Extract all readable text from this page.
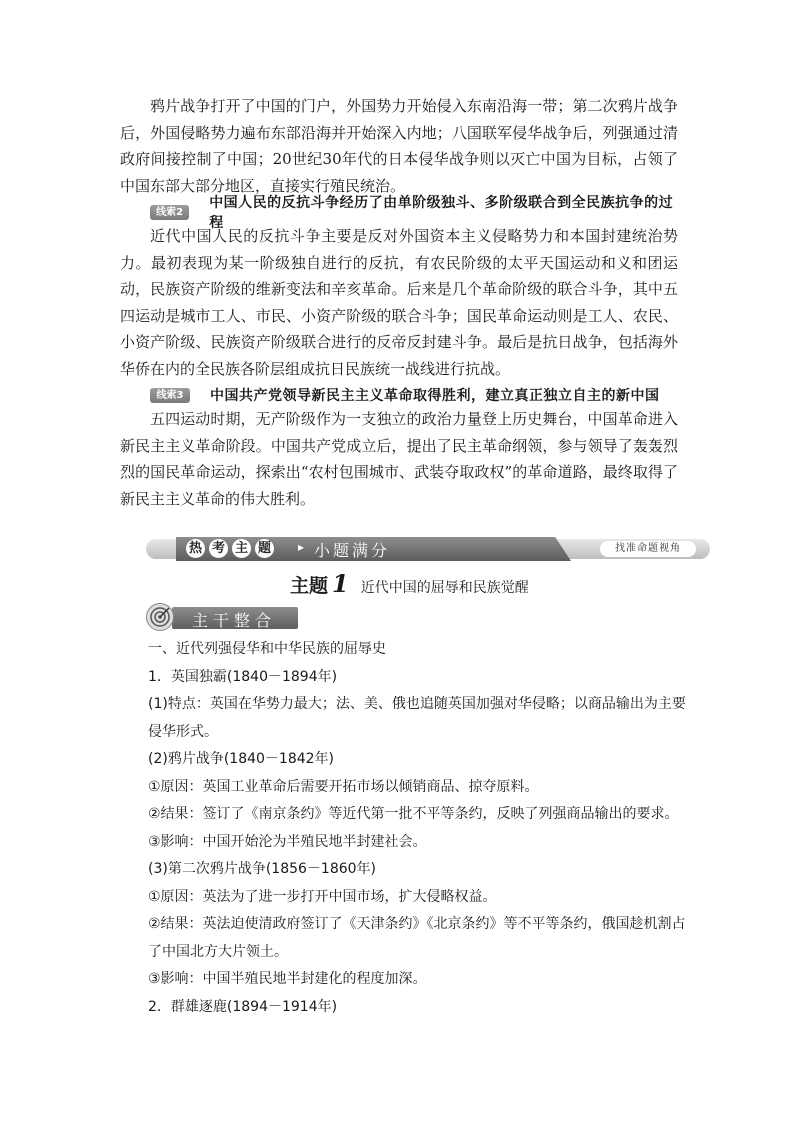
鸦片战争打开了中国的门户，外国势力开始侵入东南沿海一带；第二次鸦片战争后，外国侵略势力遍布东部沿海并开始深入内地；八国联军侵华战争后，列强通过清政府间接控制了中国；20世纪30年代的日本侵华战争则以灭亡中国为目标，占领了中国东部大部分地区，直接实行殖民统治。

线索2
中国人民的反抗斗争经历了由单阶级独斗、多阶级联合到全民族抗争的过程

近代中国人民的反抗斗争主要是反对外国资本主义侵略势力和本国封建统治势力。最初表现为某一阶级独自进行的反抗，有农民阶级的太平天国运动和义和团运动，民族资产阶级的维新变法和辛亥革命。后来是几个革命阶级的联合斗争，其中五四运动是城市工人、市民、小资产阶级的联合斗争；国民革命运动则是工人、农民、小资产阶级、民族资产阶级联合进行的反帝反封建斗争。最后是抗日战争，包括海外华侨在内的全民族各阶层组成抗日民族统一战线进行抗战。

线索3	中国共产党领导新民主主义革命取得胜利，建立真正独立自主的新中国

五四运动时期，无产阶级作为一支独立的政治力量登上历史舞台，中国革命进入新民主主义革命阶段。中国共产党成立后，提出了民主革命纲领，参与领导了轰轰烈烈的国民革命运动，探索出“农村包围城市、武装夺取政权”的革命道路，最终取得了新民主主义革命的伟大胜利。

热 考 主 题 ▸ 小题满分	找准命题视角
主题 1 近代中国的屈辱和民族觉醒
主干整合

一、近代列强侵华和中华民族的屈辱史

1．英国独霸(1840－1894年)

(1)特点：英国在华势力最大；法、美、俄也追随英国加强对华侵略；以商品输出为主要侵华形式。

(2)鸦片战争(1840－1842年)

①原因：英国工业革命后需要开拓市场以倾销商品、掠夺原料。

②结果：签订了《南京条约》等近代第一批不平等条约，反映了列强商品输出的要求。

③影响：中国开始沦为半殖民地半封建社会。

(3)第二次鸦片战争(1856－1860年)

①原因：英法为了进一步打开中国市场，扩大侵略权益。

②结果：英法迫使清政府签订了《天津条约》《北京条约》等不平等条约，俄国趁机割占了中国北方大片领土。

③影响：中国半殖民地半封建化的程度加深。

2．群雄逐鹿(1894－1914年)
